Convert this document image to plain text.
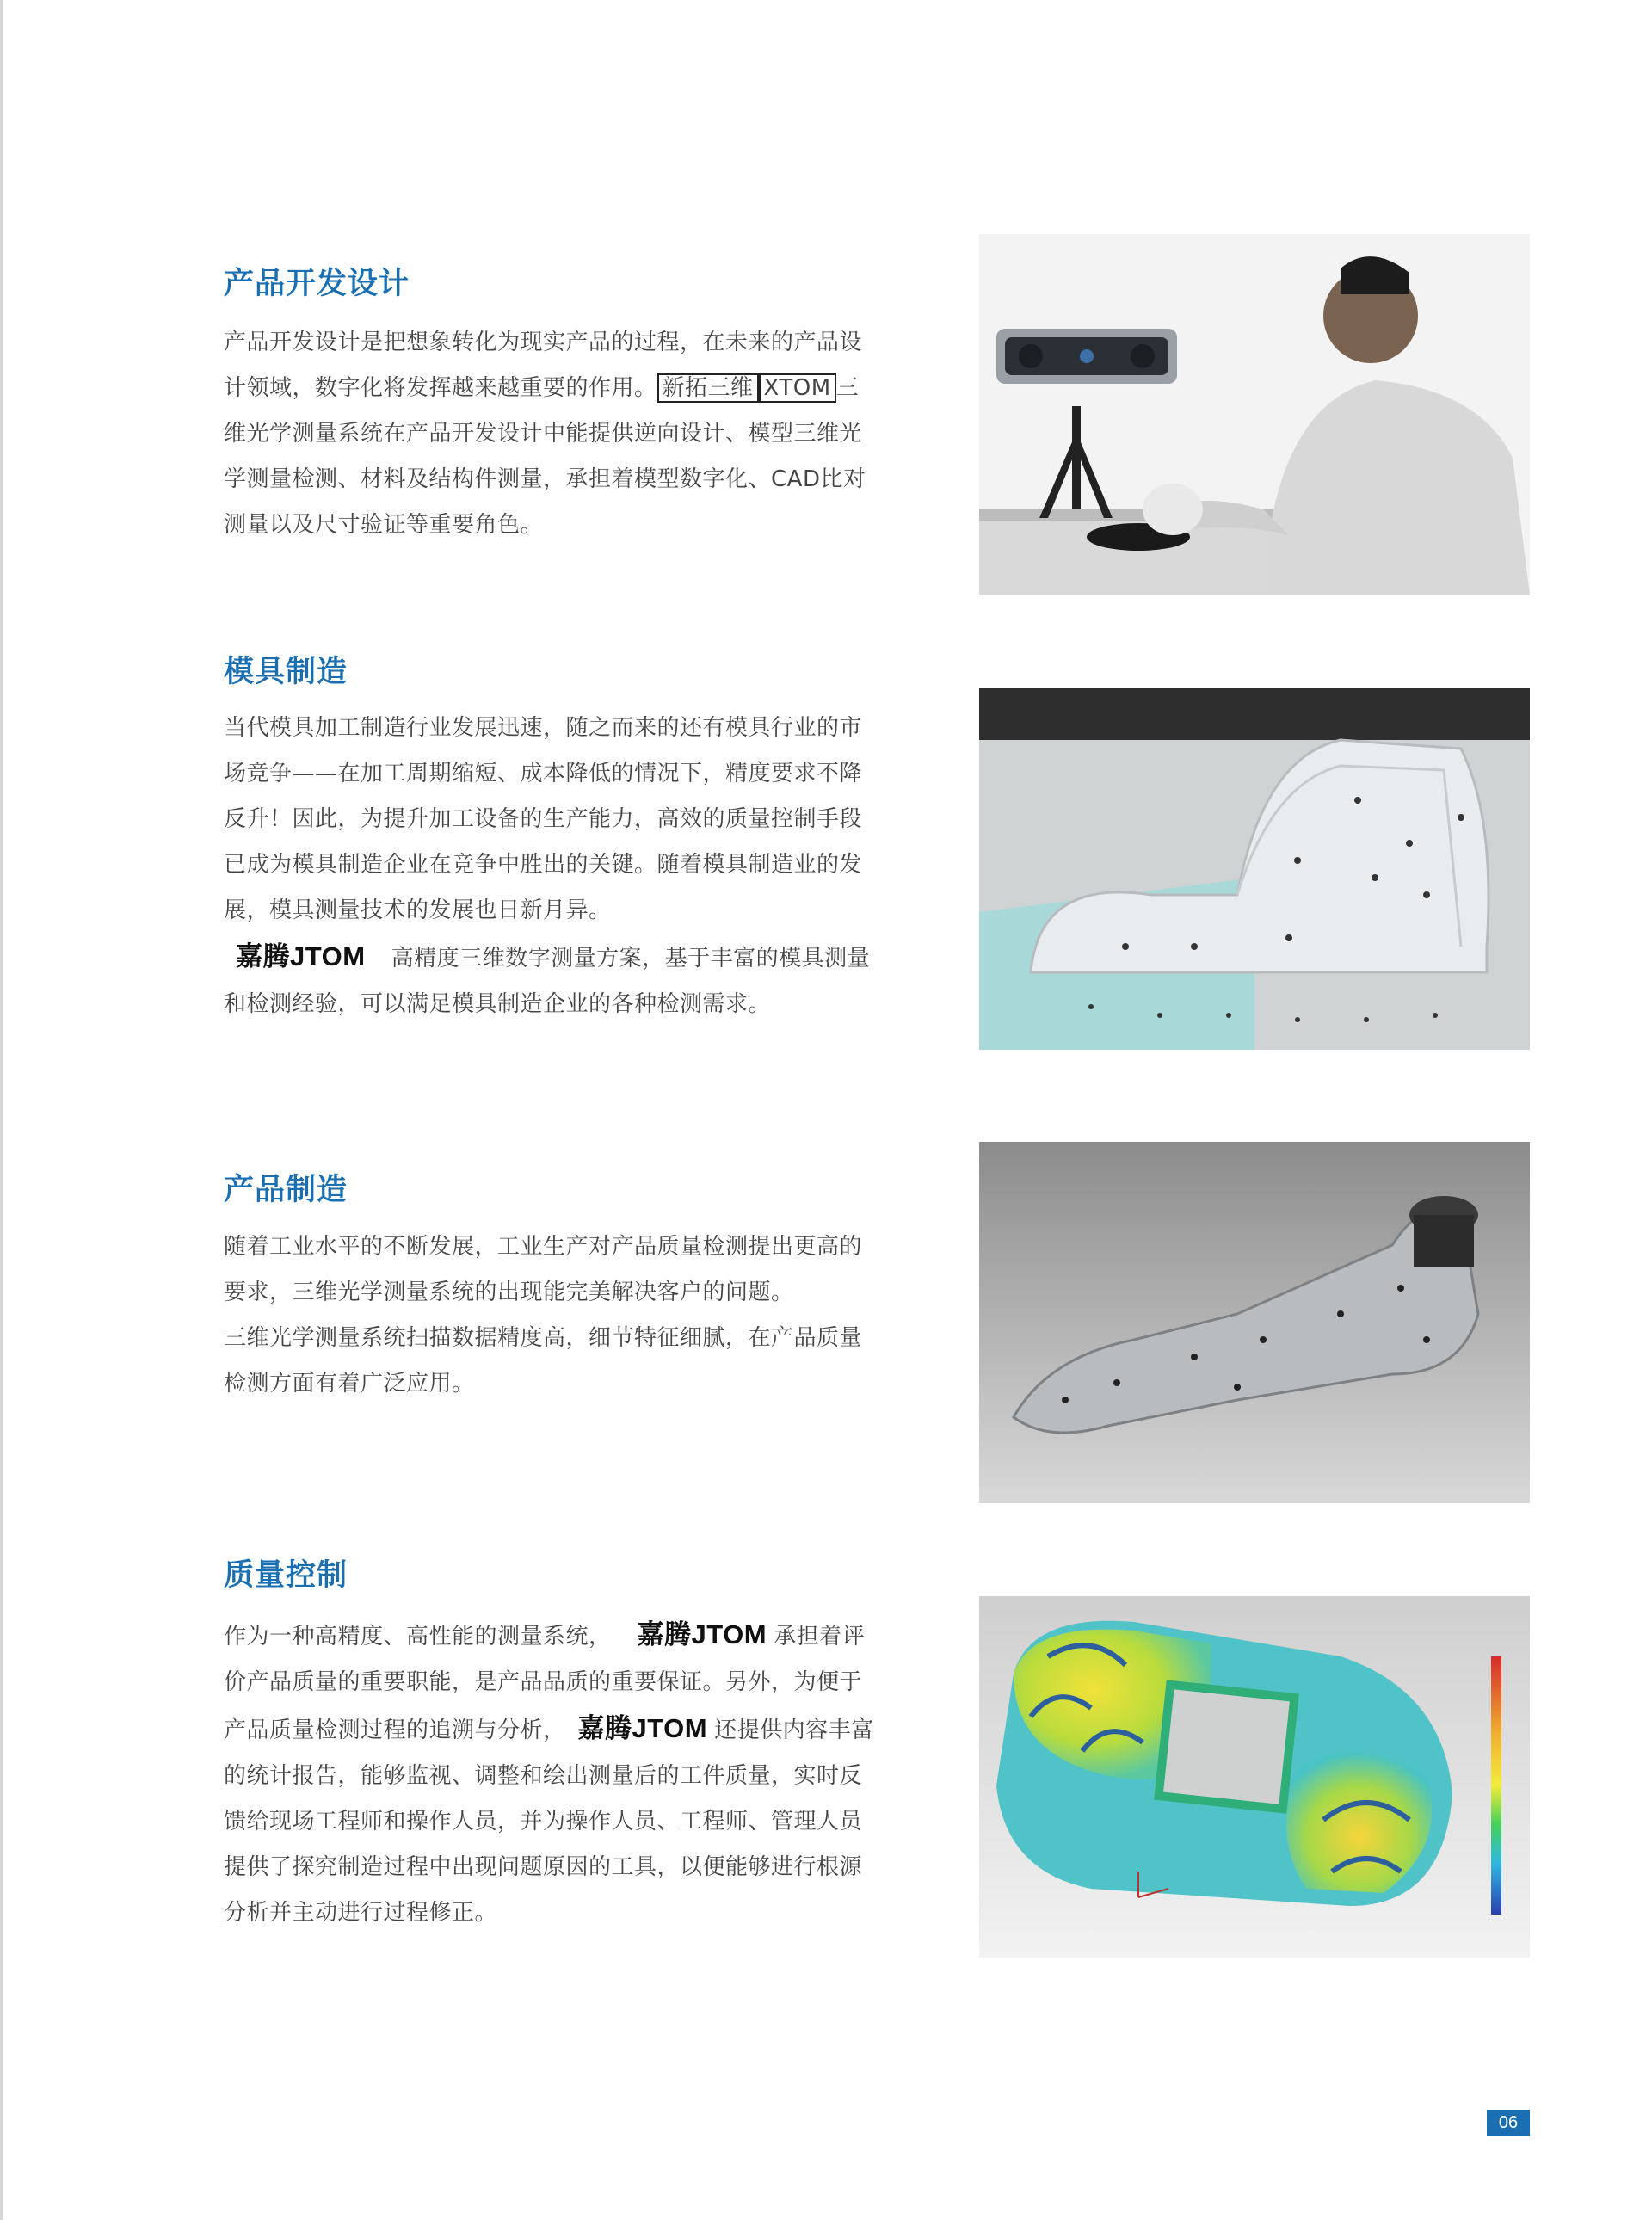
产品开发设计

产品开发设计是把想象转化为现实产品的过程，在未来的产品设计领域，数字化将发挥越来越重要的作用。 新拓三维 XTOM 三维光学测量系统在产品开发设计中能提供逆向设计、模型三维光学测量检测、材料及结构件测量，承担着模型数字化、CAD比对测量以及尺寸验证等重要角色。

模具制造

当代模具加工制造行业发展迅速，随之而来的还有模具行业的市场竞争——在加工周期缩短、成本降低的情况下，精度要求不降反升！因此，为提升加工设备的生产能力，高效的质量控制手段已成为模具制造企业在竞争中胜出的关键。随着模具制造业的发展，模具测量技术的发展也日新月异。
嘉腾JTOM 高精度三维数字测量方案，基于丰富的模具测量和检测经验，可以满足模具制造企业的各种检测需求。

产品制造

随着工业水平的不断发展，工业生产对产品质量检测提出更高的要求，三维光学测量系统的出现能完美解决客户的问题。三维光学测量系统扫描数据精度高，细节特征细腻，在产品质量检测方面有着广泛应用。

质量控制

作为一种高精度、高性能的测量系统， 嘉腾JTOM 承担着评价产品质量的重要职能，是产品品质的重要保证。另外，为便于产品质量检测过程的追溯与分析， 嘉腾JTOM 还提供内容丰富的统计报告，能够监视、调整和绘出测量后的工件质量，实时反馈给现场工程师和操作人员，并为操作人员、工程师、管理人员提供了探究制造过程中出现问题原因的工具，以便能够进行根源分析并主动进行过程修正。

06
